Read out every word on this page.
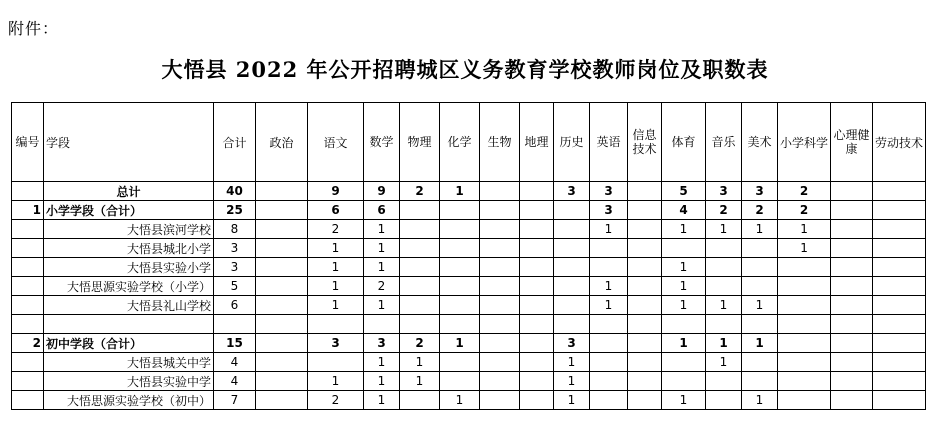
附件：
大悟县 2022 年公开招聘城区义务教育学校教师岗位及职数表
编号	学段	合计	政治	语文	数学	物理	化学	生物	地理	历史	英语	信息技术	体育	音乐	美术	小学科学	心理健康	劳动技术
	总计	40		9	9	2	1			3	3		5	3	3	2		
1	小学学段（合计）	25		6	6						3		4	2	2	2		
	大悟县滨河学校	8		2	1						1		1	1	1	1		
	大悟县城北小学	3		1	1											1		
	大悟县实验小学	3		1	1								1					
	大悟思源实验学校（小学）	5		1	2						1		1					
	大悟县礼山学校	6		1	1						1		1	1	1			

2	初中学段（合计）	15		3	3	2	1			3			1	1	1			
	大悟县城关中学	4			1	1				1				1				
	大悟县实验中学	4		1	1	1				1								
	大悟思源实验学校（初中）	7		2	1		1			1			1		1			
